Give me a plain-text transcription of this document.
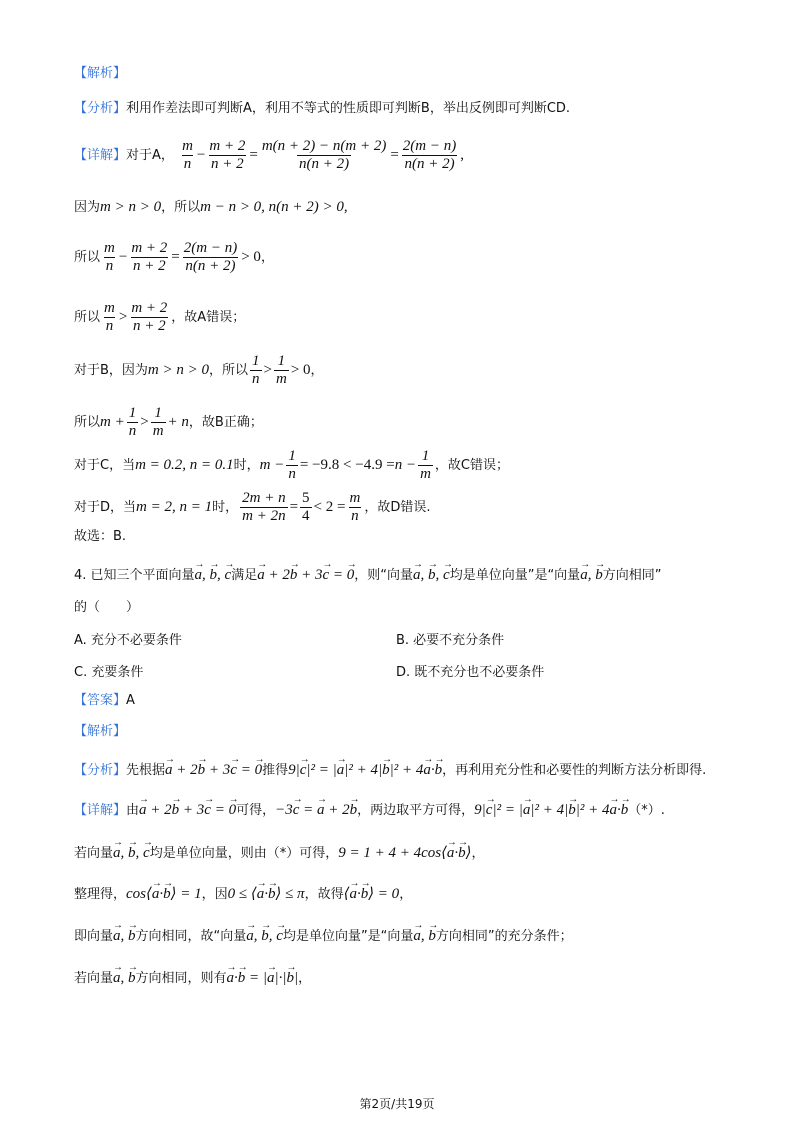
【解析】
【分析】利用作差法即可判断A，利用不等式的性质即可判断B，举出反例即可判断CD.
【详解】对于A， $\frac{m}{n} - \frac{m + 2}{n + 2} = \frac{m(n + 2) - n(m + 2)}{n(n + 2)} = \frac{2(m - n)}{n(n + 2)}$ ,
因为m > n > 0，所以m − n > 0, n(n + 2) > 0,
所以 $\frac{m}{n} - \frac{m + 2}{n + 2} = \frac{2(m - n)}{n(n + 2)} > 0$，
所以 $\frac{m}{n} > \frac{m + 2}{n + 2}$ ，故A错误；
对于B，因为m > n > 0，所以 $\frac{1}{n} > \frac{1}{m} > 0$，
所以$m + \frac{1}{n} > \frac{1}{m} + n$，故B正确；
对于C，当m = 0.2, n = 0.1时，$m - \frac{1}{n} = -9.8 < -4.9 =n - \frac{1}{m}$ ，故C错误；
对于D，当m = 2, n = 1时， $\frac{2m + n}{m + 2n} = \frac{5}{4} < 2 = \frac{m}{n}$ ，故D错误.
故选：B.
4. 已知三个平面向量→ a, → b, → c满足→ a + 2→ b + 3→ c = → 0，则“向量→ a, → b, → c均是单位向量”是“向量→ a, → b方向相同”
的（　　）
A. 充分不必要条件	B. 必要不充分条件
C. 充要条件	D. 既不充分也不必要条件
【答案】A
【解析】
【分析】先根据→ a + 2→ b + 3→ c = → 0推得9|→ c|² = |→ a|² + 4|→ b|² + 4→ a·→ b，再利用充分性和必要性的判断方法分析即得.
【详解】由→ a + 2→ b + 3→ c = → 0可得，−3→ c = → a + 2→ b，两边取平方可得，9|→ c|² = |→ a|² + 4|→ b|² + 4→ a·→ b（*）.
若向量→ a, → b, → c均是单位向量，则由（*）可得，9 = 1 + 4 + 4cos⟨→ a·→ b⟩，
整理得，cos⟨→ a·→ b⟩ = 1，因0 ≤ ⟨→ a·→ b⟩ ≤ π，故得⟨→ a·→ b⟩ = 0，
即向量→ a, → b方向相同，故“向量→ a, → b, → c均是单位向量”是“向量→ a, → b方向相同”的充分条件；
若向量→ a, → b方向相同，则有→ a·→ b = |→ a|·|→ b|，
第2页/共19页
